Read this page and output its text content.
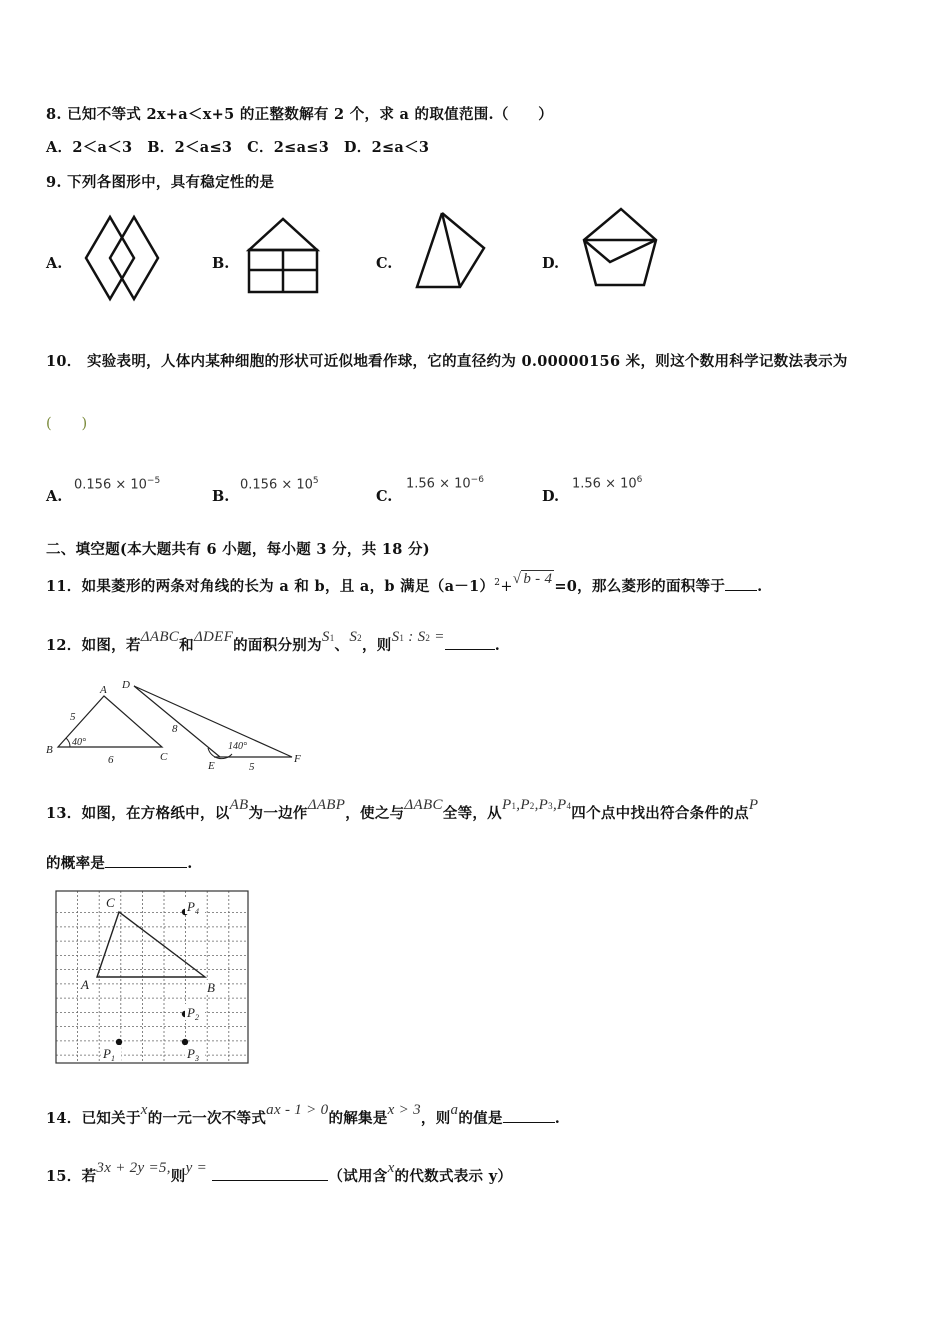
8. 已知不等式 2x+a＜x+5 的正整数解有 2 个，求 a 的取值范围.（　　）
A．2＜a＜3　B．2＜a≤3　C．2≤a≤3　D．2≤a＜3
9. 下列各图形中，具有稳定性的是
A.	B.	C.	D.
10． 实验表明，人体内某种细胞的形状可近似地看作球，它的直径约为 0.00000156 米，则这个数用科学记数法表示为
(　　)
A.
$0.156 \times 10^{-5}$
B.
$0.156 \times 10^5$
C.
$1.56 \times 10^{-6}$
D.
$1.56 \times 10^6$
二、填空题(本大题共有 6 小题，每小题 3 分，共 18 分)
11．如果菱形的两条对角线的长为 a 和 b，且 a，b 满足$(a-1)^2+√$ b - 4 =0，那么菱形的面积等于 .
12．如图，若ΔABC和ΔDEF的面积分别为S1、S2，则S1 : S2 =	.
A
B
C
5
6
40°
D
E
F
8
5
140°
13．如图，在方格纸中，以AB为一边作ΔABP，使之与ΔABC全等，从P1,P2,P3,P4四个点中找出符合条件的点P
的概率是	.
C
A	B
$P_4$
$P_2$
$P_3$
$P_1$
14．已知关于x的一元一次不等式ax - 1 > 0的解集是x > 3，则a的值是	.
15．若3x + 2y =5,则y =	（试用含x的代数式表示 y）
